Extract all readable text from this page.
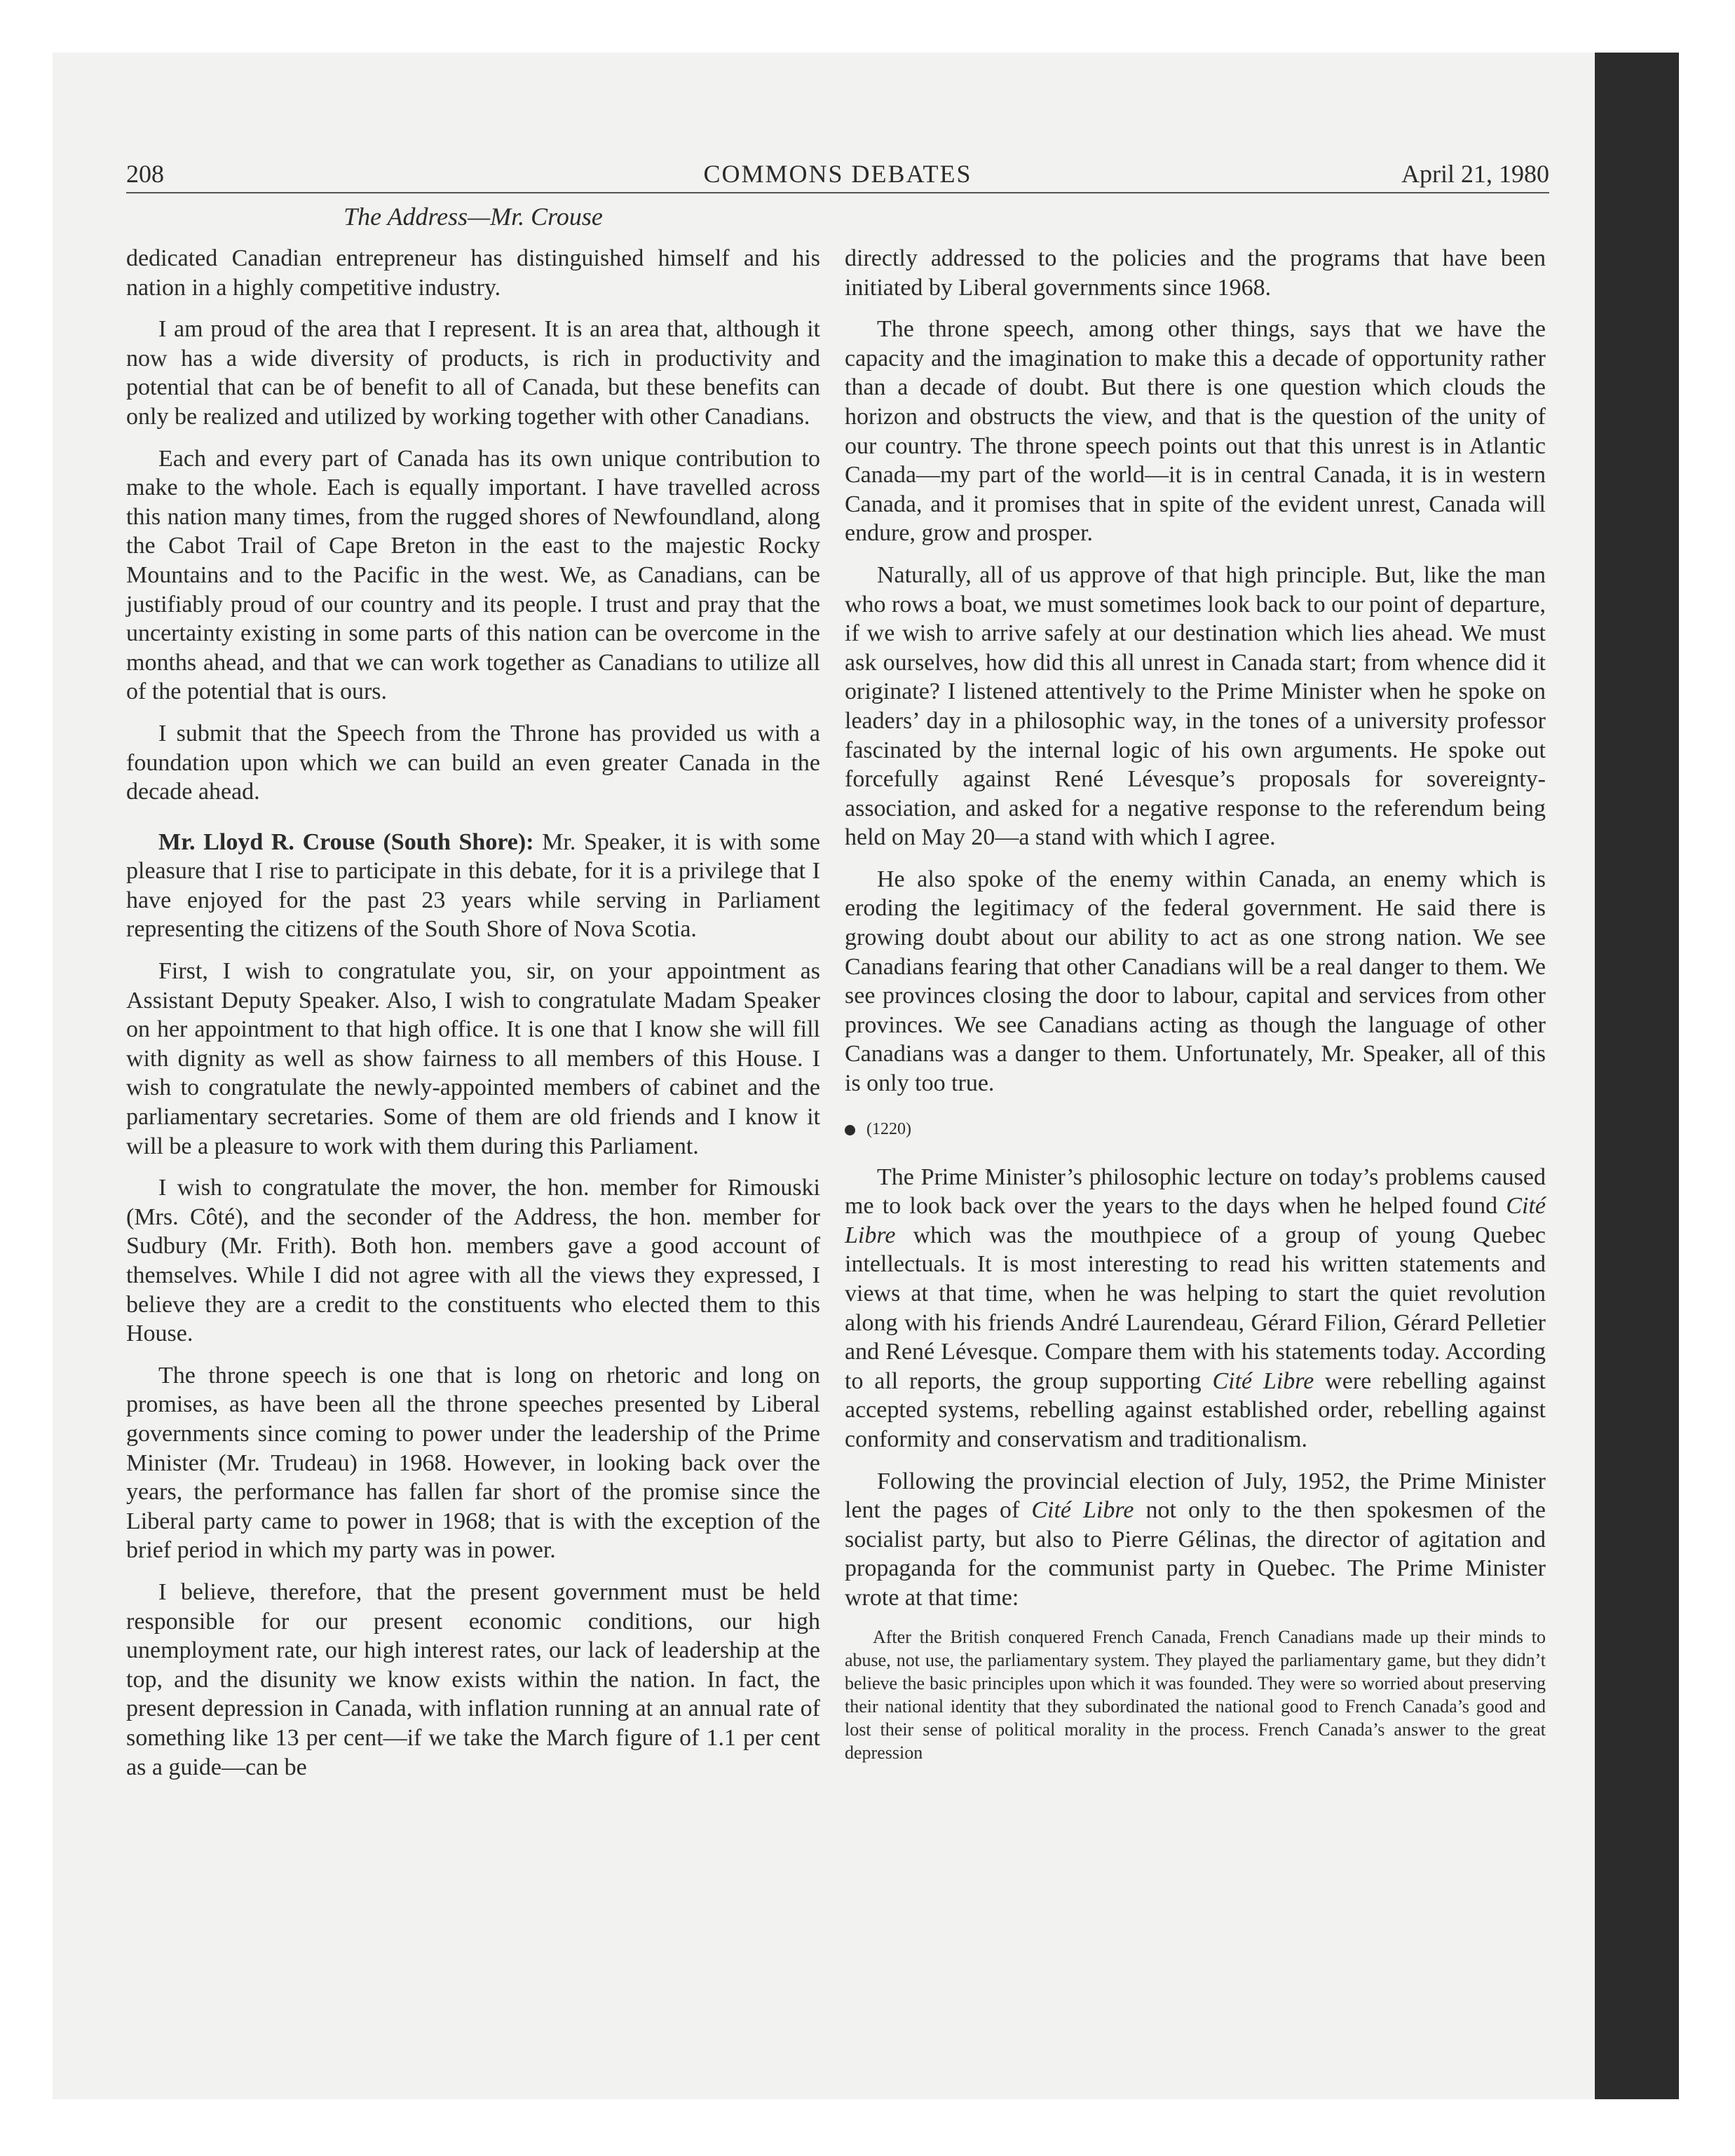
208	COMMONS DEBATES	April 21, 1980
The Address—Mr. Crouse

dedicated Canadian entrepreneur has distinguished himself and his nation in a highly competitive industry.

I am proud of the area that I represent. It is an area that, although it now has a wide diversity of products, is rich in productivity and potential that can be of benefit to all of Canada, but these benefits can only be realized and utilized by working together with other Canadians.

Each and every part of Canada has its own unique contribution to make to the whole. Each is equally important. I have travelled across this nation many times, from the rugged shores of Newfoundland, along the Cabot Trail of Cape Breton in the east to the majestic Rocky Mountains and to the Pacific in the west. We, as Canadians, can be justifiably proud of our country and its people. I trust and pray that the uncertainty existing in some parts of this nation can be overcome in the months ahead, and that we can work together as Canadians to utilize all of the potential that is ours.

I submit that the Speech from the Throne has provided us with a foundation upon which we can build an even greater Canada in the decade ahead.

Mr. Lloyd R. Crouse (South Shore): Mr. Speaker, it is with some pleasure that I rise to participate in this debate, for it is a privilege that I have enjoyed for the past 23 years while serving in Parliament representing the citizens of the South Shore of Nova Scotia.

First, I wish to congratulate you, sir, on your appointment as Assistant Deputy Speaker. Also, I wish to congratulate Madam Speaker on her appointment to that high office. It is one that I know she will fill with dignity as well as show fairness to all members of this House. I wish to congratulate the newly-appointed members of cabinet and the parliamentary secretaries. Some of them are old friends and I know it will be a pleasure to work with them during this Parliament.

I wish to congratulate the mover, the hon. member for Rimouski (Mrs. Côté), and the seconder of the Address, the hon. member for Sudbury (Mr. Frith). Both hon. members gave a good account of themselves. While I did not agree with all the views they expressed, I believe they are a credit to the constituents who elected them to this House.

The throne speech is one that is long on rhetoric and long on promises, as have been all the throne speeches presented by Liberal governments since coming to power under the leadership of the Prime Minister (Mr. Trudeau) in 1968. However, in looking back over the years, the performance has fallen far short of the promise since the Liberal party came to power in 1968; that is with the exception of the brief period in which my party was in power.

I believe, therefore, that the present government must be held responsible for our present economic conditions, our high unemployment rate, our high interest rates, our lack of leadership at the top, and the disunity we know exists within the nation. In fact, the present depression in Canada, with inflation running at an annual rate of something like 13 per cent—if we take the March figure of 1.1 per cent as a guide—can be

directly addressed to the policies and the programs that have been initiated by Liberal governments since 1968.

The throne speech, among other things, says that we have the capacity and the imagination to make this a decade of opportunity rather than a decade of doubt. But there is one question which clouds the horizon and obstructs the view, and that is the question of the unity of our country. The throne speech points out that this unrest is in Atlantic Canada—my part of the world—it is in central Canada, it is in western Canada, and it promises that in spite of the evident unrest, Canada will endure, grow and prosper.

Naturally, all of us approve of that high principle. But, like the man who rows a boat, we must sometimes look back to our point of departure, if we wish to arrive safely at our destination which lies ahead. We must ask ourselves, how did this all unrest in Canada start; from whence did it originate? I listened attentively to the Prime Minister when he spoke on leaders’ day in a philosophic way, in the tones of a university professor fascinated by the internal logic of his own arguments. He spoke out forcefully against René Lévesque’s proposals for sovereignty-association, and asked for a negative response to the referendum being held on May 20—a stand with which I agree.

He also spoke of the enemy within Canada, an enemy which is eroding the legitimacy of the federal government. He said there is growing doubt about our ability to act as one strong nation. We see Canadians fearing that other Canadians will be a real danger to them. We see provinces closing the door to labour, capital and services from other provinces. We see Canadians acting as though the language of other Canadians was a danger to them. Unfortunately, Mr. Speaker, all of this is only too true.

(1220)

The Prime Minister’s philosophic lecture on today’s problems caused me to look back over the years to the days when he helped found Cité Libre which was the mouthpiece of a group of young Quebec intellectuals. It is most interesting to read his written statements and views at that time, when he was helping to start the quiet revolution along with his friends André Laurendeau, Gérard Filion, Gérard Pelletier and René Lévesque. Compare them with his statements today. According to all reports, the group supporting Cité Libre were rebelling against accepted systems, rebelling against established order, rebelling against conformity and conservatism and traditionalism.

Following the provincial election of July, 1952, the Prime Minister lent the pages of Cité Libre not only to the then spokesmen of the socialist party, but also to Pierre Gélinas, the director of agitation and propaganda for the communist party in Quebec. The Prime Minister wrote at that time:

After the British conquered French Canada, French Canadians made up their minds to abuse, not use, the parliamentary system. They played the parliamentary game, but they didn’t believe the basic principles upon which it was founded. They were so worried about preserving their national identity that they subordinated the national good to French Canada’s good and lost their sense of political morality in the process. French Canada’s answer to the great depression
